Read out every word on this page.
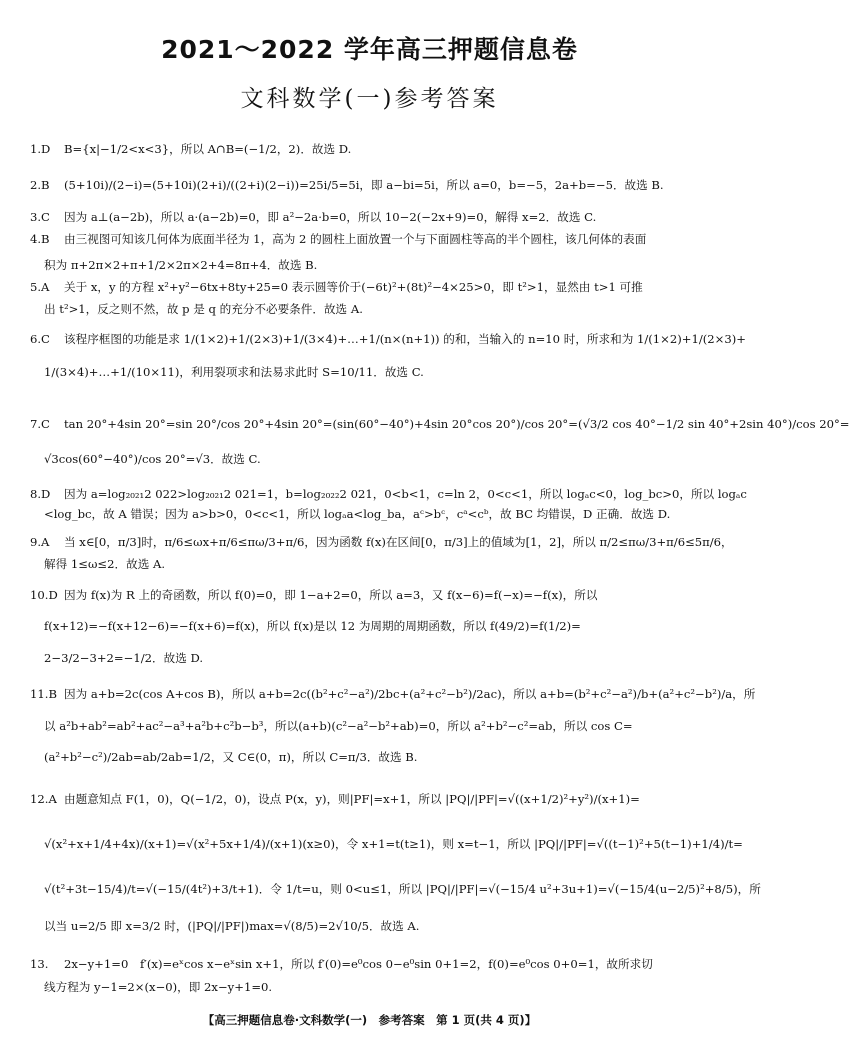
2021～2022 学年高三押题信息卷
文科数学(一)参考答案
1.D B={x|−1/2<x<3}，所以 A∩B=(−1/2，2)．故选 D.
2.B (5+10i)/(2−i)=(5+10i)(2+i)/((2+i)(2−i))=25i/5=5i，即 a−bi=5i，所以 a=0，b=−5，2a+b=−5．故选 B.
3.C 因为 a⊥(a−2b)，所以 a·(a−2b)=0，即 a²−2a·b=0，所以 10−2(−2x+9)=0，解得 x=2．故选 C.
4.B 由三视图可知该几何体为底面半径为 1，高为 2 的圆柱上面放置一个与下面圆柱等高的半个圆柱，该几何体的表面
积为 π+2π×2+π+1/2×2π×2+4=8π+4．故选 B.
5.A 关于 x，y 的方程 x²+y²−6tx+8ty+25=0 表示圆等价于(−6t)²+(8t)²−4×25>0，即 t²>1，显然由 t>1 可推
出 t²>1，反之则不然，故 p 是 q 的充分不必要条件．故选 A.
6.C 该程序框图的功能是求 1/(1×2)+1/(2×3)+1/(3×4)+…+1/(n×(n+1)) 的和，当输入的 n=10 时，所求和为 1/(1×2)+1/(2×3)+
1/(3×4)+…+1/(10×11)，利用裂项求和法易求此时 S=10/11．故选 C.
7.C tan 20°+4sin 20°=sin 20°/cos 20°+4sin 20°=(sin(60°−40°)+4sin 20°cos 20°)/cos 20°=(√3/2 cos 40°−1/2 sin 40°+2sin 40°)/cos 20°=
√3cos(60°−40°)/cos 20°=√3．故选 C.
8.D 因为 a=log₂₀₂₁2 022>log₂₀₂₁2 021=1，b=log₂₀₂₂2 021，0<b<1，c=ln 2，0<c<1，所以 logₐc<0，log_bc>0，所以 logₐc
<log_bc，故 A 错误；因为 a>b>0，0<c<1，所以 logₐa<log_ba，aᶜ>bᶜ，cᵃ<cᵇ，故 BC 均错误，D 正确．故选 D.
9.A 当 x∈[0，π/3]时，π/6≤ωx+π/6≤πω/3+π/6，因为函数 f(x)在区间[0，π/3]上的值域为[1，2]，所以 π/2≤πω/3+π/6≤5π/6，
解得 1≤ω≤2．故选 A.
10.D 因为 f(x)为 R 上的奇函数，所以 f(0)=0，即 1−a+2=0，所以 a=3，又 f(x−6)=f(−x)=−f(x)，所以
f(x+12)=−f(x+12−6)=−f(x+6)=f(x)，所以 f(x)是以 12 为周期的周期函数，所以 f(49/2)=f(1/2)=
2−3/2−3+2=−1/2．故选 D.
11.B 因为 a+b=2c(cos A+cos B)，所以 a+b=2c((b²+c²−a²)/2bc+(a²+c²−b²)/2ac)，所以 a+b=(b²+c²−a²)/b+(a²+c²−b²)/a，所
以 a²b+ab²=ab²+ac²−a³+a²b+c²b−b³，所以(a+b)(c²−a²−b²+ab)=0，所以 a²+b²−c²=ab，所以 cos C=
(a²+b²−c²)/2ab=ab/2ab=1/2，又 C∈(0，π)，所以 C=π/3．故选 B.
12.A 由题意知点 F(1，0)，Q(−1/2，0)，设点 P(x，y)，则|PF|=x+1，所以 |PQ|/|PF|=√((x+1/2)²+y²)/(x+1)=
√(x²+x+1/4+4x)/(x+1)=√(x²+5x+1/4)/(x+1)(x≥0)，令 x+1=t(t≥1)，则 x=t−1，所以 |PQ|/|PF|=√((t−1)²+5(t−1)+1/4)/t=
√(t²+3t−15/4)/t=√(−15/(4t²)+3/t+1)．令 1/t=u，则 0<u≤1，所以 |PQ|/|PF|=√(−15/4 u²+3u+1)=√(−15/4(u−2/5)²+8/5)，所
以当 u=2/5 即 x=3/2 时，(|PQ|/|PF|)max=√(8/5)=2√10/5．故选 A.
13. 2x−y+1=0　f′(x)=eˣcos x−eˣsin x+1，所以 f′(0)=e⁰cos 0−e⁰sin 0+1=2，f(0)=e⁰cos 0+0=1，故所求切
线方程为 y−1=2×(x−0)，即 2x−y+1=0.
【高三押题信息卷·文科数学(一)　参考答案　第 1 页(共 4 页)】
